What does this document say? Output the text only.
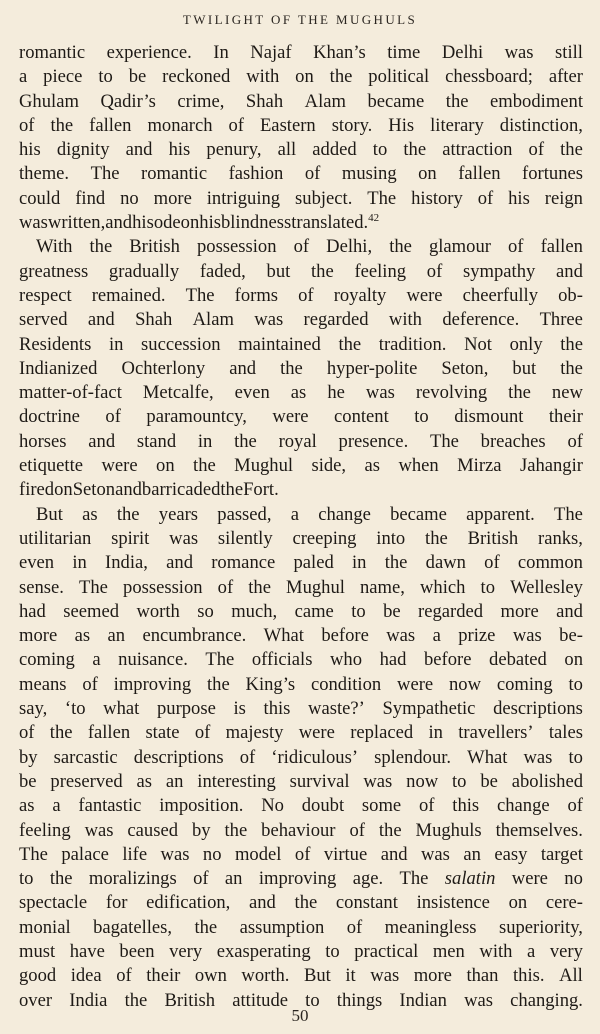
TWILIGHT OF THE MUGHULS
romantic experience. In Najaf Khan’s time Delhi was still
a piece to be reckoned with on the political chessboard; after
Ghulam Qadir’s crime, Shah Alam became the embodiment
of the fallen monarch of Eastern story. His literary distinction,
his dignity and his penury, all added to the attraction of the
theme. The romantic fashion of musing on fallen fortunes
could find no more intriguing subject. The history of his reign
was written, and his ode on his blindness translated.$^{42}$
With the British possession of Delhi, the glamour of fallen
greatness gradually faded, but the feeling of sympathy and
respect remained. The forms of royalty were cheerfully ob-
served and Shah Alam was regarded with deference. Three
Residents in succession maintained the tradition. Not only the
Indianized Ochterlony and the hyper-polite Seton, but the
matter-of-fact Metcalfe, even as he was revolving the new
doctrine of paramountcy, were content to dismount their
horses and stand in the royal presence. The breaches of
etiquette were on the Mughul side, as when Mirza Jahangir
fired on Seton and barricaded the Fort.
But as the years passed, a change became apparent. The
utilitarian spirit was silently creeping into the British ranks,
even in India, and romance paled in the dawn of common
sense. The possession of the Mughul name, which to Wellesley
had seemed worth so much, came to be regarded more and
more as an encumbrance. What before was a prize was be-
coming a nuisance. The officials who had before debated on
means of improving the King’s condition were now coming to
say, ‘to what purpose is this waste?’ Sympathetic descriptions
of the fallen state of majesty were replaced in travellers’ tales
by sarcastic descriptions of ‘ridiculous’ splendour. What was to
be preserved as an interesting survival was now to be abolished
as a fantastic imposition. No doubt some of this change of
feeling was caused by the behaviour of the Mughuls themselves.
The palace life was no model of virtue and was an easy target
to the moralizings of an improving age. The salatin were no
spectacle for edification, and the constant insistence on cere-
monial bagatelles, the assumption of meaningless superiority,
must have been very exasperating to practical men with a very
good idea of their own worth. But it was more than this. All
over India the British attitude to things Indian was changing.
50
